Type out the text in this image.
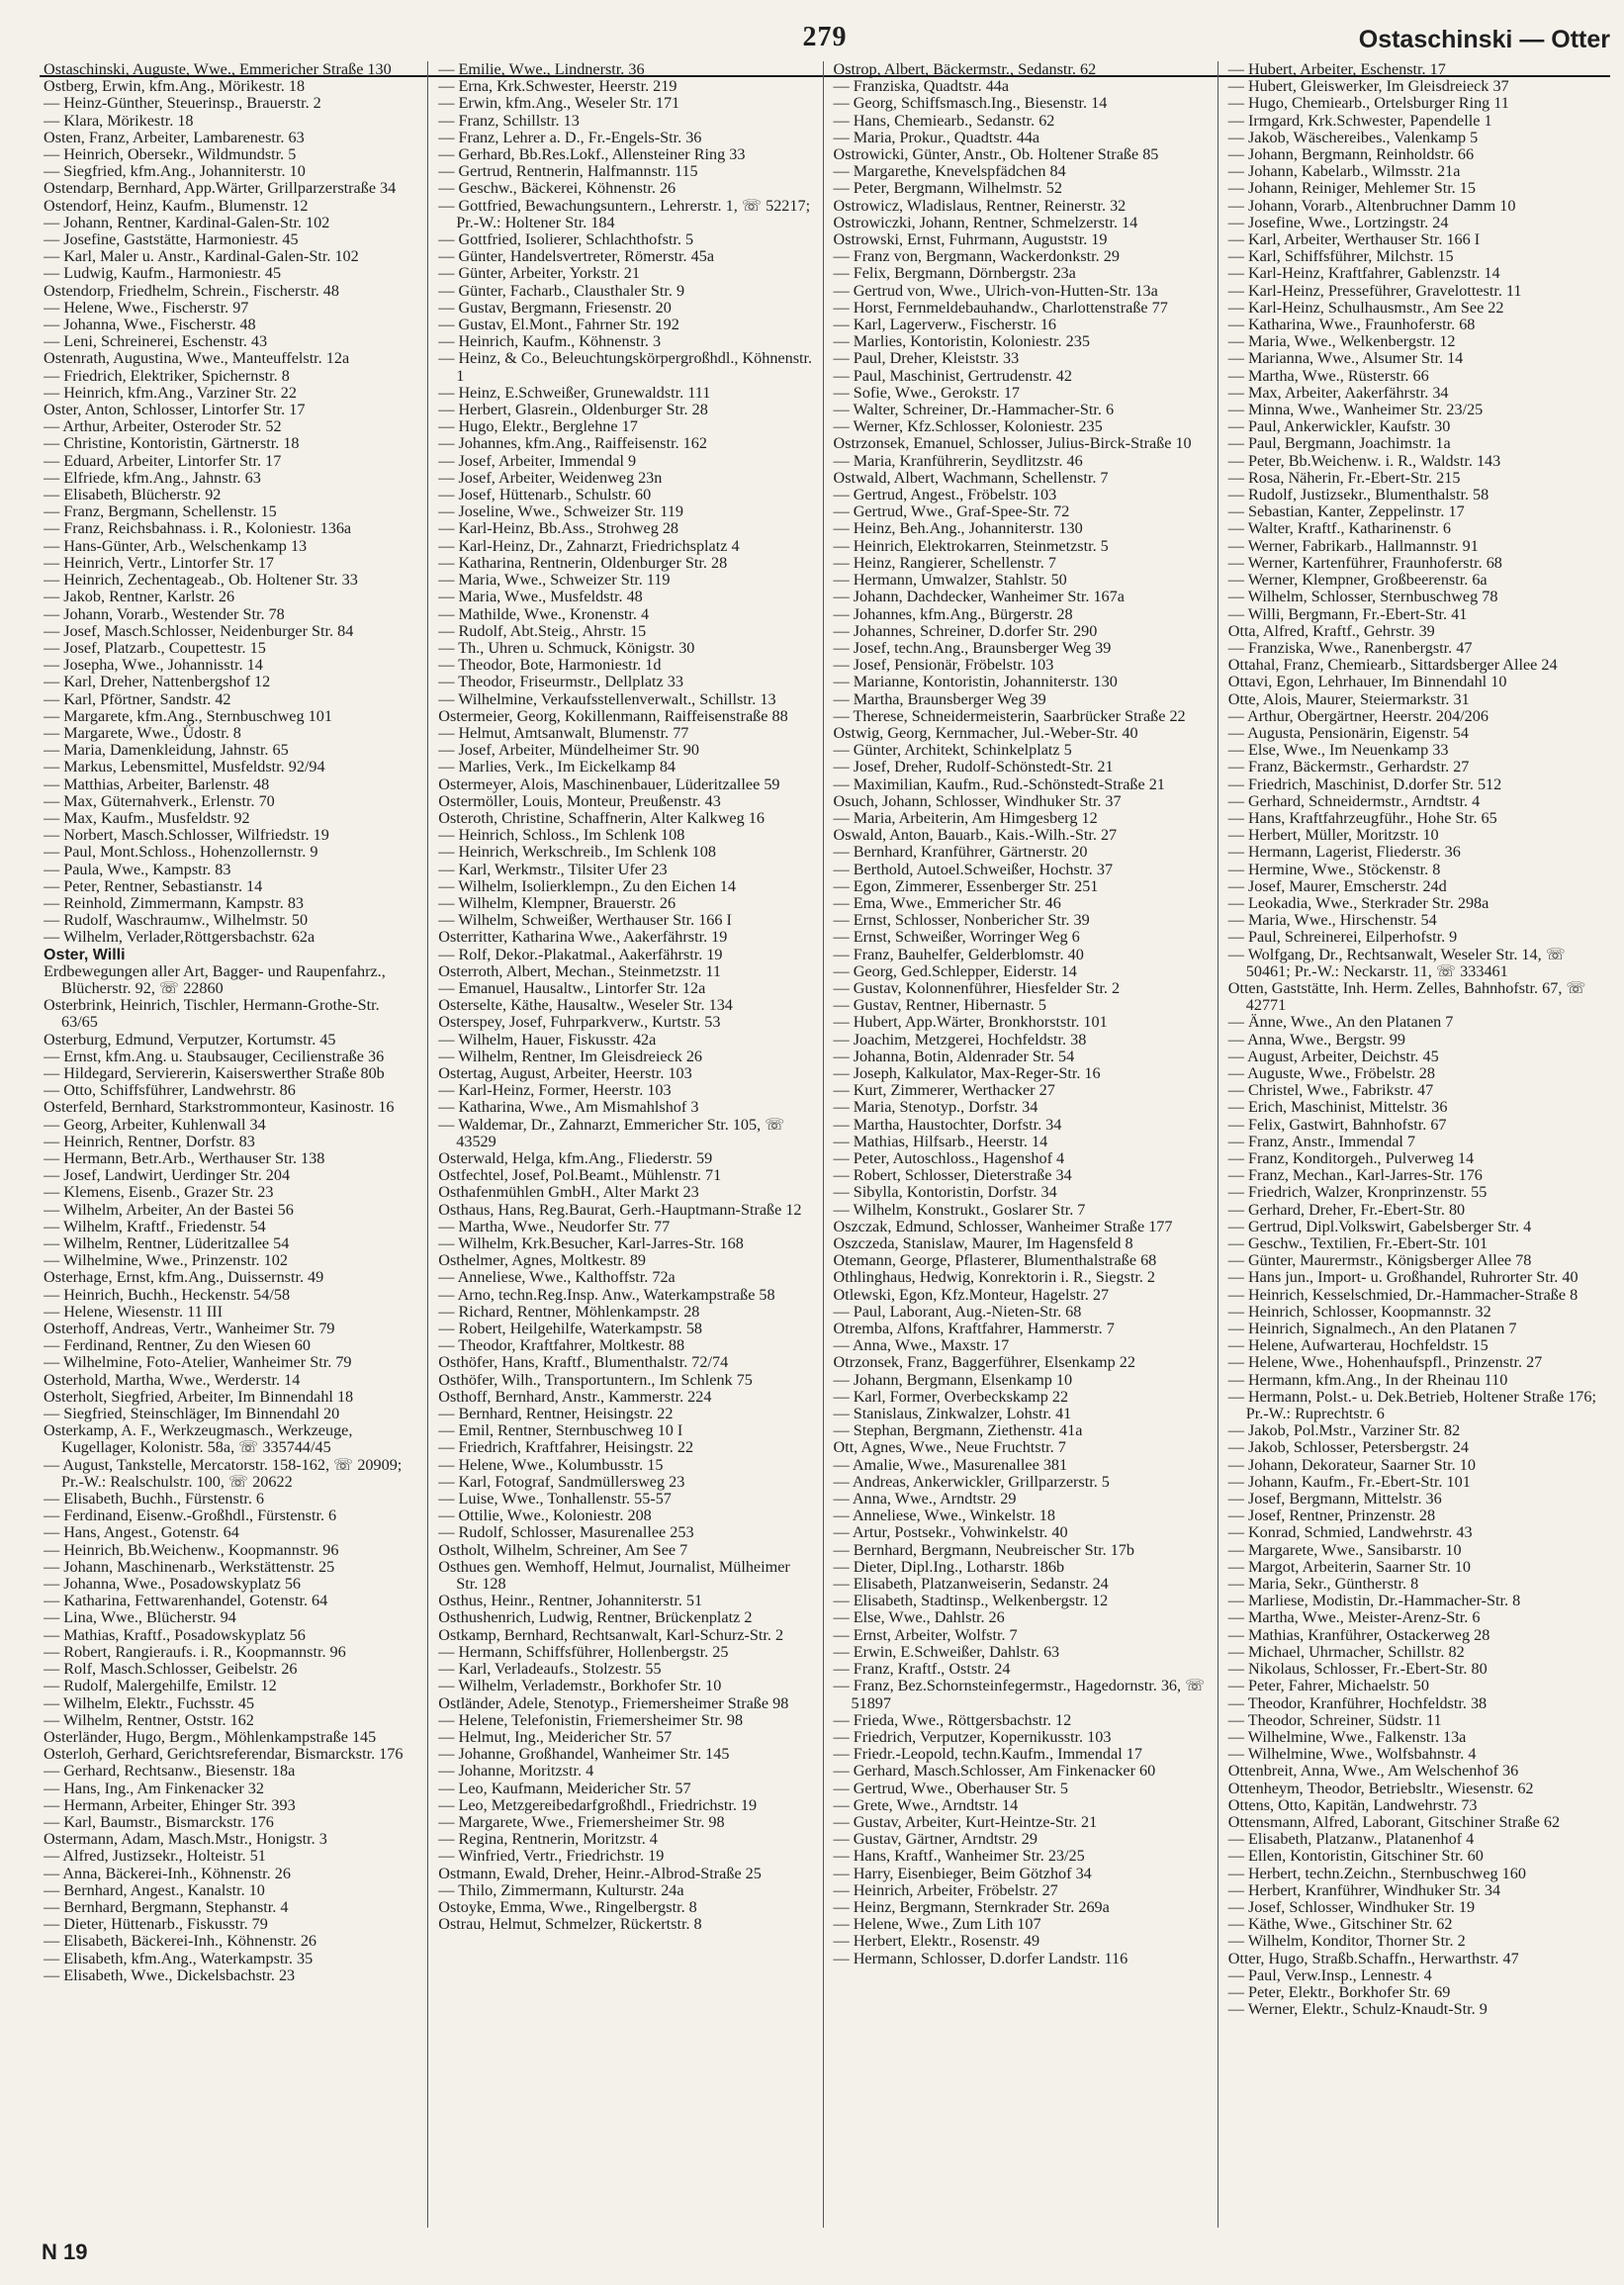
279	Ostaschinski — Otter
Ostaschinski, Auguste, Wwe., Emmericher Straße 130
Ostberg, Erwin, kfm.Ang., Mörikestr. 18
— Heinz-Günther, Steuerinsp., Brauerstr. 2
— Klara, Mörikestr. 18
Osten, Franz, Arbeiter, Lambarenestr. 63
— Heinrich, Obersekr., Wildmundstr. 5
— Siegfried, kfm.Ang., Johanniterstr. 10
Ostendarp, Bernhard, App.Wärter, Grillparzerstraße 34
Ostendorf, Heinz, Kaufm., Blumenstr. 12
— Johann, Rentner, Kardinal-Galen-Str. 102
— Josefine, Gaststätte, Harmoniestr. 45
— Karl, Maler u. Anstr., Kardinal-Galen-Str. 102
— Ludwig, Kaufm., Harmoniestr. 45
Ostendorp, Friedhelm, Schrein., Fischerstr. 48
— Helene, Wwe., Fischerstr. 97
— Johanna, Wwe., Fischerstr. 48
— Leni, Schreinerei, Eschenstr. 43
Ostenrath, Augustina, Wwe., Manteuffelstr. 12a
— Friedrich, Elektriker, Spichernstr. 8
— Heinrich, kfm.Ang., Varziner Str. 22
Oster, Anton, Schlosser, Lintorfer Str. 17
— Arthur, Arbeiter, Osteroder Str. 52
— Christine, Kontoristin, Gärtnerstr. 18
— Eduard, Arbeiter, Lintorfer Str. 17
— Elfriede, kfm.Ang., Jahnstr. 63
— Elisabeth, Blücherstr. 92
— Franz, Bergmann, Schellenstr. 15
— Franz, Reichsbahnass. i. R., Koloniestr. 136a
— Hans-Günter, Arb., Welschenkamp 13
— Heinrich, Vertr., Lintorfer Str. 17
— Heinrich, Zechentageab., Ob. Holtener Str. 33
— Jakob, Rentner, Karlstr. 26
— Johann, Vorarb., Westender Str. 78
— Josef, Masch.Schlosser, Neidenburger Str. 84
— Josef, Platzarb., Coupettestr. 15
— Josepha, Wwe., Johannisstr. 14
— Karl, Dreher, Nattenbergshof 12
— Karl, Pförtner, Sandstr. 42
— Margarete, kfm.Ang., Sternbuschweg 101
— Margarete, Wwe., Üdostr. 8
— Maria, Damenkleidung, Jahnstr. 65
— Markus, Lebensmittel, Musfeldstr. 92/94
— Matthias, Arbeiter, Barlenstr. 48
— Max, Güternahverk., Erlenstr. 70
— Max, Kaufm., Musfeldstr. 92
— Norbert, Masch.Schlosser, Wilfriedstr. 19
— Paul, Mont.Schloss., Hohenzollernstr. 9
— Paula, Wwe., Kampstr. 83
— Peter, Rentner, Sebastianstr. 14
— Reinhold, Zimmermann, Kampstr. 83
— Rudolf, Waschraumw., Wilhelmstr. 50
— Wilhelm, Verlader,Röttgersbachstr. 62a
Oster, Willi
Erdbewegungen aller Art, Bagger- und Raupenfahrz., Blücherstr. 92, ☏ 22860
Osterbrink, Heinrich, Tischler, Hermann-Grothe-Str. 63/65
Osterburg, Edmund, Verputzer, Kortumstr. 45
— Ernst, kfm.Ang. u. Staubsauger, Cecilienstraße 36
— Hildegard, Serviererin, Kaiserswerther Straße 80b
— Otto, Schiffsführer, Landwehrstr. 86
Osterfeld, Bernhard, Starkstrommonteur, Kasinostr. 16
— Georg, Arbeiter, Kuhlenwall 34
— Heinrich, Rentner, Dorfstr. 83
— Hermann, Betr.Arb., Werthauser Str. 138
— Josef, Landwirt, Uerdinger Str. 204
— Klemens, Eisenb., Grazer Str. 23
— Wilhelm, Arbeiter, An der Bastei 56
— Wilhelm, Kraftf., Friedenstr. 54
— Wilhelm, Rentner, Lüderitzallee 54
— Wilhelmine, Wwe., Prinzenstr. 102
Osterhage, Ernst, kfm.Ang., Duissernstr. 49
— Heinrich, Buchh., Heckenstr. 54/58
— Helene, Wiesenstr. 11 III
Osterhoff, Andreas, Vertr., Wanheimer Str. 79
— Ferdinand, Rentner, Zu den Wiesen 60
— Wilhelmine, Foto-Atelier, Wanheimer Str. 79
Osterhold, Martha, Wwe., Werderstr. 14
Osterholt, Siegfried, Arbeiter, Im Binnendahl 18
— Siegfried, Steinschläger, Im Binnendahl 20
Osterkamp, A. F., Werkzeugmasch., Werkzeuge, Kugellager, Kolonistr. 58a, ☏ 335744/45
— August, Tankstelle, Mercatorstr. 158-162, ☏ 20909; Pr.-W.: Realschulstr. 100, ☏ 20622
— Elisabeth, Buchh., Fürstenstr. 6
— Ferdinand, Eisenw.-Großhdl., Fürstenstr. 6
— Hans, Angest., Gotenstr. 64
— Heinrich, Bb.Weichenw., Koopmannstr. 96
— Johann, Maschinenarb., Werkstättenstr. 25
— Johanna, Wwe., Posadowskyplatz 56
— Katharina, Fettwarenhandel, Gotenstr. 64
— Lina, Wwe., Blücherstr. 94
— Mathias, Kraftf., Posadowskyplatz 56
— Robert, Rangieraufs. i. R., Koopmannstr. 96
— Rolf, Masch.Schlosser, Geibelstr. 26
— Rudolf, Malergehilfe, Emilstr. 12
— Wilhelm, Elektr., Fuchsstr. 45
— Wilhelm, Rentner, Oststr. 162
Osterländer, Hugo, Bergm., Möhlenkampstraße 145
Osterloh, Gerhard, Gerichtsreferendar, Bismarckstr. 176
— Gerhard, Rechtsanw., Biesenstr. 18a
— Hans, Ing., Am Finkenacker 32
— Hermann, Arbeiter, Ehinger Str. 393
— Karl, Baumstr., Bismarckstr. 176
Ostermann, Adam, Masch.Mstr., Honigstr. 3
— Alfred, Justizsekr., Holteistr. 51
— Anna, Bäckerei-Inh., Köhnenstr. 26
— Bernhard, Angest., Kanalstr. 10
— Bernhard, Bergmann, Stephanstr. 4
— Dieter, Hüttenarb., Fiskusstr. 79
— Elisabeth, Bäckerei-Inh., Köhnenstr. 26
— Elisabeth, kfm.Ang., Waterkampstr. 35
— Elisabeth, Wwe., Dickelsbachstr. 23
— Emilie, Wwe., Lindnerstr. 36
— Erna, Krk.Schwester, Heerstr. 219
— Erwin, kfm.Ang., Weseler Str. 171
— Franz, Schillstr. 13
— Franz, Lehrer a. D., Fr.-Engels-Str. 36
— Gerhard, Bb.Res.Lokf., Allensteiner Ring 33
— Gertrud, Rentnerin, Halfmannstr. 115
— Geschw., Bäckerei, Köhnenstr. 26
— Gottfried, Bewachungsuntern., Lehrerstr. 1, ☏ 52217; Pr.-W.: Holtener Str. 184
— Gottfried, Isolierer, Schlachthofstr. 5
— Günter, Handelsvertreter, Römerstr. 45a
— Günter, Arbeiter, Yorkstr. 21
— Günter, Facharb., Clausthaler Str. 9
— Gustav, Bergmann, Friesenstr. 20
— Gustav, El.Mont., Fahrner Str. 192
— Heinrich, Kaufm., Köhnenstr. 3
— Heinz, & Co., Beleuchtungskörpergroßhdl., Köhnenstr. 1
— Heinz, E.Schweißer, Grunewaldstr. 111
— Herbert, Glasrein., Oldenburger Str. 28
— Hugo, Elektr., Berglehne 17
— Johannes, kfm.Ang., Raiffeisenstr. 162
— Josef, Arbeiter, Immendal 9
— Josef, Arbeiter, Weidenweg 23n
— Josef, Hüttenarb., Schulstr. 60
— Joseline, Wwe., Schweizer Str. 119
— Karl-Heinz, Bb.Ass., Strohweg 28
— Karl-Heinz, Dr., Zahnarzt, Friedrichsplatz 4
— Katharina, Rentnerin, Oldenburger Str. 28
— Maria, Wwe., Schweizer Str. 119
— Maria, Wwe., Musfeldstr. 48
— Mathilde, Wwe., Kronenstr. 4
— Rudolf, Abt.Steig., Ahrstr. 15
— Th., Uhren u. Schmuck, Königstr. 30
— Theodor, Bote, Harmoniestr. 1d
— Theodor, Friseurmstr., Dellplatz 33
— Wilhelmine, Verkaufsstellenverwalt., Schillstr. 13
Ostermeier, Georg, Kokillenmann, Raiffeisenstraße 88
— Helmut, Amtsanwalt, Blumenstr. 77
— Josef, Arbeiter, Mündelheimer Str. 90
— Marlies, Verk., Im Eickelkamp 84
Ostermeyer, Alois, Maschinenbauer, Lüderitzallee 59
Ostermöller, Louis, Monteur, Preußenstr. 43
Osteroth, Christine, Schaffnerin, Alter Kalkweg 16
— Heinrich, Schloss., Im Schlenk 108
— Heinrich, Werkschreib., Im Schlenk 108
— Karl, Werkmstr., Tilsiter Ufer 23
— Wilhelm, Isolierklempn., Zu den Eichen 14
— Wilhelm, Klempner, Brauerstr. 26
— Wilhelm, Schweißer, Werthauser Str. 166 I
Osterritter, Katharina Wwe., Aakerfährstr. 19
— Rolf, Dekor.-Plakatmal., Aakerfährstr. 19
Osterroth, Albert, Mechan., Steinmetzstr. 11
— Emanuel, Hausaltw., Lintorfer Str. 12a
Osterselte, Käthe, Hausaltw., Weseler Str. 134
Osterspey, Josef, Fuhrparkverw., Kurtstr. 53
— Wilhelm, Hauer, Fiskusstr. 42a
— Wilhelm, Rentner, Im Gleisdreieck 26
Ostertag, August, Arbeiter, Heerstr. 103
— Karl-Heinz, Former, Heerstr. 103
— Katharina, Wwe., Am Mismahlshof 3
— Waldemar, Dr., Zahnarzt, Emmericher Str. 105, ☏ 43529
Osterwald, Helga, kfm.Ang., Fliederstr. 59
Ostfechtel, Josef, Pol.Beamt., Mühlenstr. 71
Osthafenmühlen GmbH., Alter Markt 23
Osthaus, Hans, Reg.Baurat, Gerh.-Hauptmann-Straße 12
— Martha, Wwe., Neudorfer Str. 77
— Wilhelm, Krk.Besucher, Karl-Jarres-Str. 168
Osthelmer, Agnes, Moltkestr. 89
— Anneliese, Wwe., Kalthoffstr. 72a
— Arno, techn.Reg.Insp. Anw., Waterkampstraße 58
— Richard, Rentner, Möhlenkampstr. 28
— Robert, Heilgehilfe, Waterkampstr. 58
— Theodor, Kraftfahrer, Moltkestr. 88
Osthöfer, Hans, Kraftf., Blumenthalstr. 72/74
Osthöfer, Wilh., Transportuntern., Im Schlenk 75
Osthoff, Bernhard, Anstr., Kammerstr. 224
— Bernhard, Rentner, Heisingstr. 22
— Emil, Rentner, Sternbuschweg 10 I
— Friedrich, Kraftfahrer, Heisingstr. 22
— Helene, Wwe., Kolumbusstr. 15
— Karl, Fotograf, Sandmüllersweg 23
— Luise, Wwe., Tonhallenstr. 55-57
— Ottilie, Wwe., Koloniestr. 208
— Rudolf, Schlosser, Masurenallee 253
Ostholt, Wilhelm, Schreiner, Am See 7
Osthues gen. Wemhoff, Helmut, Journalist, Mülheimer Str. 128
Osthus, Heinr., Rentner, Johanniterstr. 51
Osthushenrich, Ludwig, Rentner, Brückenplatz 2
Ostkamp, Bernhard, Rechtsanwalt, Karl-Schurz-Str. 2
— Hermann, Schiffsführer, Hollenbergstr. 25
— Karl, Verladeaufs., Stolzestr. 55
— Wilhelm, Verlademstr., Borkhofer Str. 10
Ostländer, Adele, Stenotyp., Friemersheimer Straße 98
— Helene, Telefonistin, Friemersheimer Str. 98
— Helmut, Ing., Meidericher Str. 57
— Johanne, Großhandel, Wanheimer Str. 145
— Johanne, Moritzstr. 4
— Leo, Kaufmann, Meidericher Str. 57
— Leo, Metzgereibedarfgroßhdl., Friedrichstr. 19
— Margarete, Wwe., Friemersheimer Str. 98
— Regina, Rentnerin, Moritzstr. 4
— Winfried, Vertr., Friedrichstr. 19
Ostmann, Ewald, Dreher, Heinr.-Albrod-Straße 25
— Thilo, Zimmermann, Kulturstr. 24a
Ostoyke, Emma, Wwe., Ringelbergstr. 8
Ostrau, Helmut, Schmelzer, Rückertstr. 8
Ostrop, Albert, Bäckermstr., Sedanstr. 62
— Franziska, Quadtstr. 44a
— Georg, Schiffsmasch.Ing., Biesenstr. 14
— Hans, Chemiearb., Sedanstr. 62
— Maria, Prokur., Quadtstr. 44a
Ostrowicki, Günter, Anstr., Ob. Holtener Straße 85
— Margarethe, Knevelspfädchen 84
— Peter, Bergmann, Wilhelmstr. 52
Ostrowicz, Wladislaus, Rentner, Reinerstr. 32
Ostrowiczki, Johann, Rentner, Schmelzerstr. 14
Ostrowski, Ernst, Fuhrmann, Auguststr. 19
— Franz von, Bergmann, Wackerdonkstr. 29
— Felix, Bergmann, Dörnbergstr. 23a
— Gertrud von, Wwe., Ulrich-von-Hutten-Str. 13a
— Horst, Fernmeldebauhandw., Charlottenstraße 77
— Karl, Lagerverw., Fischerstr. 16
— Marlies, Kontoristin, Koloniestr. 235
— Paul, Dreher, Kleiststr. 33
— Paul, Maschinist, Gertrudenstr. 42
— Sofie, Wwe., Gerokstr. 17
— Walter, Schreiner, Dr.-Hammacher-Str. 6
— Werner, Kfz.Schlosser, Koloniestr. 235
Ostrzonsek, Emanuel, Schlosser, Julius-Birck-Straße 10
— Maria, Kranführerin, Seydlitzstr. 46
Ostwald, Albert, Wachmann, Schellenstr. 7
— Gertrud, Angest., Fröbelstr. 103
— Gertrud, Wwe., Graf-Spee-Str. 72
— Heinz, Beh.Ang., Johanniterstr. 130
— Heinrich, Elektrokarren, Steinmetzstr. 5
— Heinz, Rangierer, Schellenstr. 7
— Hermann, Umwalzer, Stahlstr. 50
— Johann, Dachdecker, Wanheimer Str. 167a
— Johannes, kfm.Ang., Bürgerstr. 28
— Johannes, Schreiner, D.dorfer Str. 290
— Josef, techn.Ang., Braunsberger Weg 39
— Josef, Pensionär, Fröbelstr. 103
— Marianne, Kontoristin, Johanniterstr. 130
— Martha, Braunsberger Weg 39
— Therese, Schneidermeisterin, Saarbrücker Straße 22
Ostwig, Georg, Kernmacher, Jul.-Weber-Str. 40
— Günter, Architekt, Schinkelplatz 5
— Josef, Dreher, Rudolf-Schönstedt-Str. 21
— Maximilian, Kaufm., Rud.-Schönstedt-Straße 21
Osuch, Johann, Schlosser, Windhuker Str. 37
— Maria, Arbeiterin, Am Himgesberg 12
Oswald, Anton, Bauarb., Kais.-Wilh.-Str. 27
— Bernhard, Kranführer, Gärtnerstr. 20
— Berthold, Autoel.Schweißer, Hochstr. 37
— Egon, Zimmerer, Essenberger Str. 251
— Ema, Wwe., Emmericher Str. 46
— Ernst, Schlosser, Nonbericher Str. 39
— Ernst, Schweißer, Worringer Weg 6
— Franz, Bauhelfer, Gelderblomstr. 40
— Georg, Ged.Schlepper, Eiderstr. 14
— Gustav, Kolonnenführer, Hiesfelder Str. 2
— Gustav, Rentner, Hibernastr. 5
— Hubert, App.Wärter, Bronkhorststr. 101
— Joachim, Metzgerei, Hochfeldstr. 38
— Johanna, Botin, Aldenrader Str. 54
— Joseph, Kalkulator, Max-Reger-Str. 16
— Kurt, Zimmerer, Werthacker 27
— Maria, Stenotyp., Dorfstr. 34
— Martha, Haustochter, Dorfstr. 34
— Mathias, Hilfsarb., Heerstr. 14
— Peter, Autoschloss., Hagenshof 4
— Robert, Schlosser, Dieterstraße 34
— Sibylla, Kontoristin, Dorfstr. 34
— Wilhelm, Konstrukt., Goslarer Str. 7
Oszczak, Edmund, Schlosser, Wanheimer Straße 177
Oszczeda, Stanislaw, Maurer, Im Hagensfeld 8
Otemann, George, Pflasterer, Blumenthalstraße 68
Othlinghaus, Hedwig, Konrektorin i. R., Siegstr. 2
Otlewski, Egon, Kfz.Monteur, Hagelstr. 27
— Paul, Laborant, Aug.-Nieten-Str. 68
Otremba, Alfons, Kraftfahrer, Hammerstr. 7
— Anna, Wwe., Maxstr. 17
Otrzonsek, Franz, Baggerführer, Elsenkamp 22
— Johann, Bergmann, Elsenkamp 10
— Karl, Former, Overbeckskamp 22
— Stanislaus, Zinkwalzer, Lohstr. 41
— Stephan, Bergmann, Ziethenstr. 41a
Ott, Agnes, Wwe., Neue Fruchtstr. 7
— Amalie, Wwe., Masurenallee 381
— Andreas, Ankerwickler, Grillparzerstr. 5
— Anna, Wwe., Arndtstr. 29
— Anneliese, Wwe., Winkelstr. 18
— Artur, Postsekr., Vohwinkelstr. 40
— Bernhard, Bergmann, Neubreischer Str. 17b
— Dieter, Dipl.Ing., Lotharstr. 186b
— Elisabeth, Platzanweiserin, Sedanstr. 24
— Elisabeth, Stadtinsp., Welkenbergstr. 12
— Else, Wwe., Dahlstr. 26
— Ernst, Arbeiter, Wolfstr. 7
— Erwin, E.Schweißer, Dahlstr. 63
— Franz, Kraftf., Oststr. 24
— Franz, Bez.Schornsteinfegermstr., Hagedornstr. 36, ☏ 51897
— Frieda, Wwe., Röttgersbachstr. 12
— Friedrich, Verputzer, Kopernikusstr. 103
— Friedr.-Leopold, techn.Kaufm., Immendal 17
— Gerhard, Masch.Schlosser, Am Finkenacker 60
— Gertrud, Wwe., Oberhauser Str. 5
— Grete, Wwe., Arndtstr. 14
— Gustav, Arbeiter, Kurt-Heintze-Str. 21
— Gustav, Gärtner, Arndtstr. 29
— Hans, Kraftf., Wanheimer Str. 23/25
— Harry, Eisenbieger, Beim Götzhof 34
— Heinrich, Arbeiter, Fröbelstr. 27
— Heinz, Bergmann, Sternkrader Str. 269a
— Helene, Wwe., Zum Lith 107
— Herbert, Elektr., Rosenstr. 49
— Hermann, Schlosser, D.dorfer Landstr. 116
— Hubert, Arbeiter, Eschenstr. 17
— Hubert, Gleiswerker, Im Gleisdreieck 37
— Hugo, Chemiearb., Ortelsburger Ring 11
— Irmgard, Krk.Schwester, Papendelle 1
— Jakob, Wäschereibes., Valenkamp 5
— Johann, Bergmann, Reinholdstr. 66
— Johann, Kabelarb., Wilmsstr. 21a
— Johann, Reiniger, Mehlemer Str. 15
— Johann, Vorarb., Altenbruchner Damm 10
— Josefine, Wwe., Lortzingstr. 24
— Karl, Arbeiter, Werthauser Str. 166 I
— Karl, Schiffsführer, Milchstr. 15
— Karl-Heinz, Kraftfahrer, Gablenzstr. 14
— Karl-Heinz, Presseführer, Gravelottestr. 11
— Karl-Heinz, Schulhausmstr., Am See 22
— Katharina, Wwe., Fraunhoferstr. 68
— Maria, Wwe., Welkenbergstr. 12
— Marianna, Wwe., Alsumer Str. 14
— Martha, Wwe., Rüsterstr. 66
— Max, Arbeiter, Aakerfährstr. 34
— Minna, Wwe., Wanheimer Str. 23/25
— Paul, Ankerwickler, Kaufstr. 30
— Paul, Bergmann, Joachimstr. 1a
— Peter, Bb.Weichenw. i. R., Waldstr. 143
— Rosa, Näherin, Fr.-Ebert-Str. 215
— Rudolf, Justizsekr., Blumenthalstr. 58
— Sebastian, Kanter, Zeppelinstr. 17
— Walter, Kraftf., Katharinenstr. 6
— Werner, Fabrikarb., Hallmannstr. 91
— Werner, Kartenführer, Fraunhoferstr. 68
— Werner, Klempner, Großbeerenstr. 6a
— Wilhelm, Schlosser, Sternbuschweg 78
— Willi, Bergmann, Fr.-Ebert-Str. 41
Otta, Alfred, Kraftf., Gehrstr. 39
— Franziska, Wwe., Ranenbergstr. 47
Ottahal, Franz, Chemiearb., Sittardsberger Allee 24
Ottavi, Egon, Lehrhauer, Im Binnendahl 10
Otte, Alois, Maurer, Steiermarkstr. 31
— Arthur, Obergärtner, Heerstr. 204/206
— Augusta, Pensionärin, Eigenstr. 54
— Else, Wwe., Im Neuenkamp 33
— Franz, Bäckermstr., Gerhardstr. 27
— Friedrich, Maschinist, D.dorfer Str. 512
— Gerhard, Schneidermstr., Arndtstr. 4
— Hans, Kraftfahrzeugführ., Hohe Str. 65
— Herbert, Müller, Moritzstr. 10
— Hermann, Lagerist, Fliederstr. 36
— Hermine, Wwe., Stöckenstr. 8
— Josef, Maurer, Emscherstr. 24d
— Leokadia, Wwe., Sterkrader Str. 298a
— Maria, Wwe., Hirschenstr. 54
— Paul, Schreinerei, Eilperhofstr. 9
— Wolfgang, Dr., Rechtsanwalt, Weseler Str. 14, ☏ 50461; Pr.-W.: Neckarstr. 11, ☏ 333461
Otten, Gaststätte, Inh. Herm. Zelles, Bahnhofstr. 67, ☏ 42771
— Änne, Wwe., An den Platanen 7
— Anna, Wwe., Bergstr. 99
— August, Arbeiter, Deichstr. 45
— Auguste, Wwe., Fröbelstr. 28
— Christel, Wwe., Fabrikstr. 47
— Erich, Maschinist, Mittelstr. 36
— Felix, Gastwirt, Bahnhofstr. 67
— Franz, Anstr., Immendal 7
— Franz, Konditorgeh., Pulverweg 14
— Franz, Mechan., Karl-Jarres-Str. 176
— Friedrich, Walzer, Kronprinzenstr. 55
— Gerhard, Dreher, Fr.-Ebert-Str. 80
— Gertrud, Dipl.Volkswirt, Gabelsberger Str. 4
— Geschw., Textilien, Fr.-Ebert-Str. 101
— Günter, Maurermstr., Königsberger Allee 78
— Hans jun., Import- u. Großhandel, Ruhrorter Str. 40
— Heinrich, Kesselschmied, Dr.-Hammacher-Straße 8
— Heinrich, Schlosser, Koopmannstr. 32
— Heinrich, Signalmech., An den Platanen 7
— Helene, Aufwarterau, Hochfeldstr. 15
— Helene, Wwe., Hohenhaufspfl., Prinzenstr. 27
— Hermann, kfm.Ang., In der Rheinau 110
— Hermann, Polst.- u. Dek.Betrieb, Holtener Straße 176; Pr.-W.: Ruprechtstr. 6
— Jakob, Pol.Mstr., Varziner Str. 82
— Jakob, Schlosser, Petersbergstr. 24
— Johann, Dekorateur, Saarner Str. 10
— Johann, Kaufm., Fr.-Ebert-Str. 101
— Josef, Bergmann, Mittelstr. 36
— Josef, Rentner, Prinzenstr. 28
— Konrad, Schmied, Landwehrstr. 43
— Margarete, Wwe., Sansibarstr. 10
— Margot, Arbeiterin, Saarner Str. 10
— Maria, Sekr., Güntherstr. 8
— Marliese, Modistin, Dr.-Hammacher-Str. 8
— Martha, Wwe., Meister-Arenz-Str. 6
— Mathias, Kranführer, Ostackerweg 28
— Michael, Uhrmacher, Schillstr. 82
— Nikolaus, Schlosser, Fr.-Ebert-Str. 80
— Peter, Fahrer, Michaelstr. 50
— Theodor, Kranführer, Hochfeldstr. 38
— Theodor, Schreiner, Südstr. 11
— Wilhelmine, Wwe., Falkenstr. 13a
— Wilhelmine, Wwe., Wolfsbahnstr. 4
Ottenbreit, Anna, Wwe., Am Welschenhof 36
Ottenheym, Theodor, Betriebsltr., Wiesenstr. 62
Ottens, Otto, Kapitän, Landwehrstr. 73
Ottensmann, Alfred, Laborant, Gitschiner Straße 62
— Elisabeth, Platzanw., Platanenhof 4
— Ellen, Kontoristin, Gitschiner Str. 60
— Herbert, techn.Zeichn., Sternbuschweg 160
— Herbert, Kranführer, Windhuker Str. 34
— Josef, Schlosser, Windhuker Str. 19
— Käthe, Wwe., Gitschiner Str. 62
— Wilhelm, Konditor, Thorner Str. 2
Otter, Hugo, Straßb.Schaffn., Herwarthstr. 47
— Paul, Verw.Insp., Lennestr. 4
— Peter, Elektr., Borkhofer Str. 69
— Werner, Elektr., Schulz-Knaudt-Str. 9
N 19
